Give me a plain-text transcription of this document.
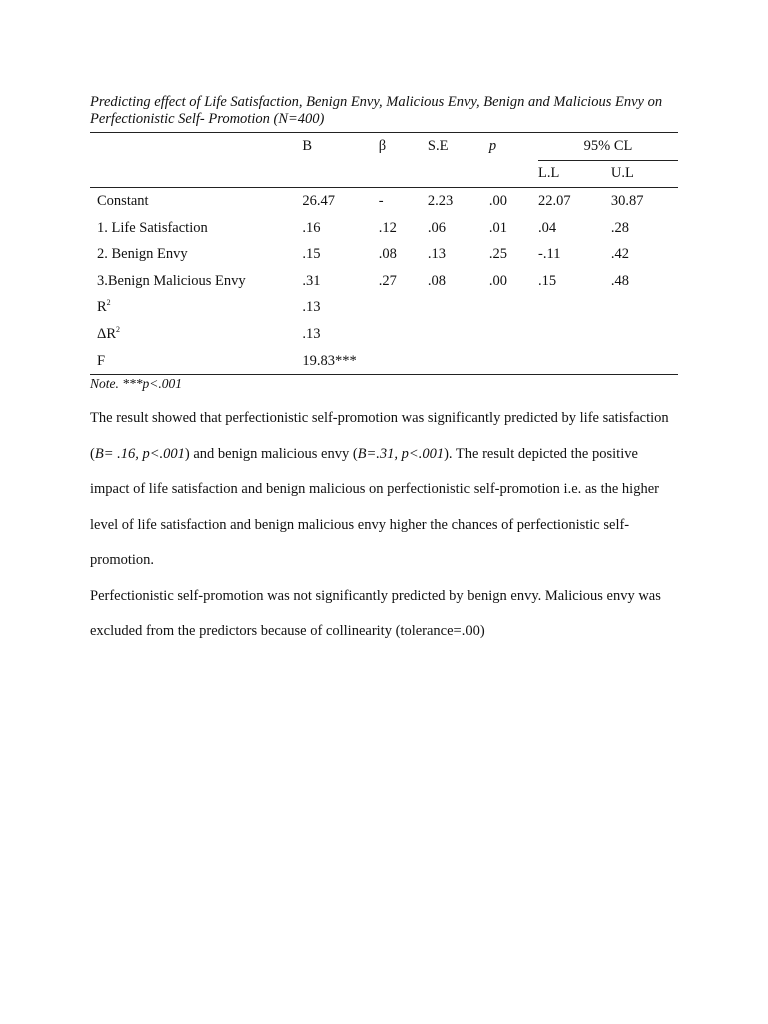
Predicting effect of Life Satisfaction, Benign Envy, Malicious Envy, Benign and Malicious Envy on Perfectionistic Self- Promotion (N=400)

	B	β	S.E	p	95% CL	
					L.L	U.L
Constant	26.47	-	2.23	.00	22.07	30.87
1. Life Satisfaction	.16	.12	.06	.01	.04	.28
2. Benign Envy	.15	.08	.13	.25	-.11	.42
3.Benign Malicious Envy	.31	.27	.08	.00	.15	.48
$R^2$	.13					
$\Delta R^2$	.13					
F	19.83***					

Note. ***p<.001

The result showed that perfectionistic self-promotion was significantly predicted by life satisfaction (B= .16, p<.001) and benign malicious envy (B=.31, p<.001). The result depicted the positive impact of life satisfaction and benign malicious on perfectionistic self-promotion i.e. as the higher level of life satisfaction and benign malicious envy higher the chances of perfectionistic self-promotion.

Perfectionistic self-promotion was not significantly predicted by benign envy. Malicious envy was excluded from the predictors because of collinearity (tolerance=.00)
